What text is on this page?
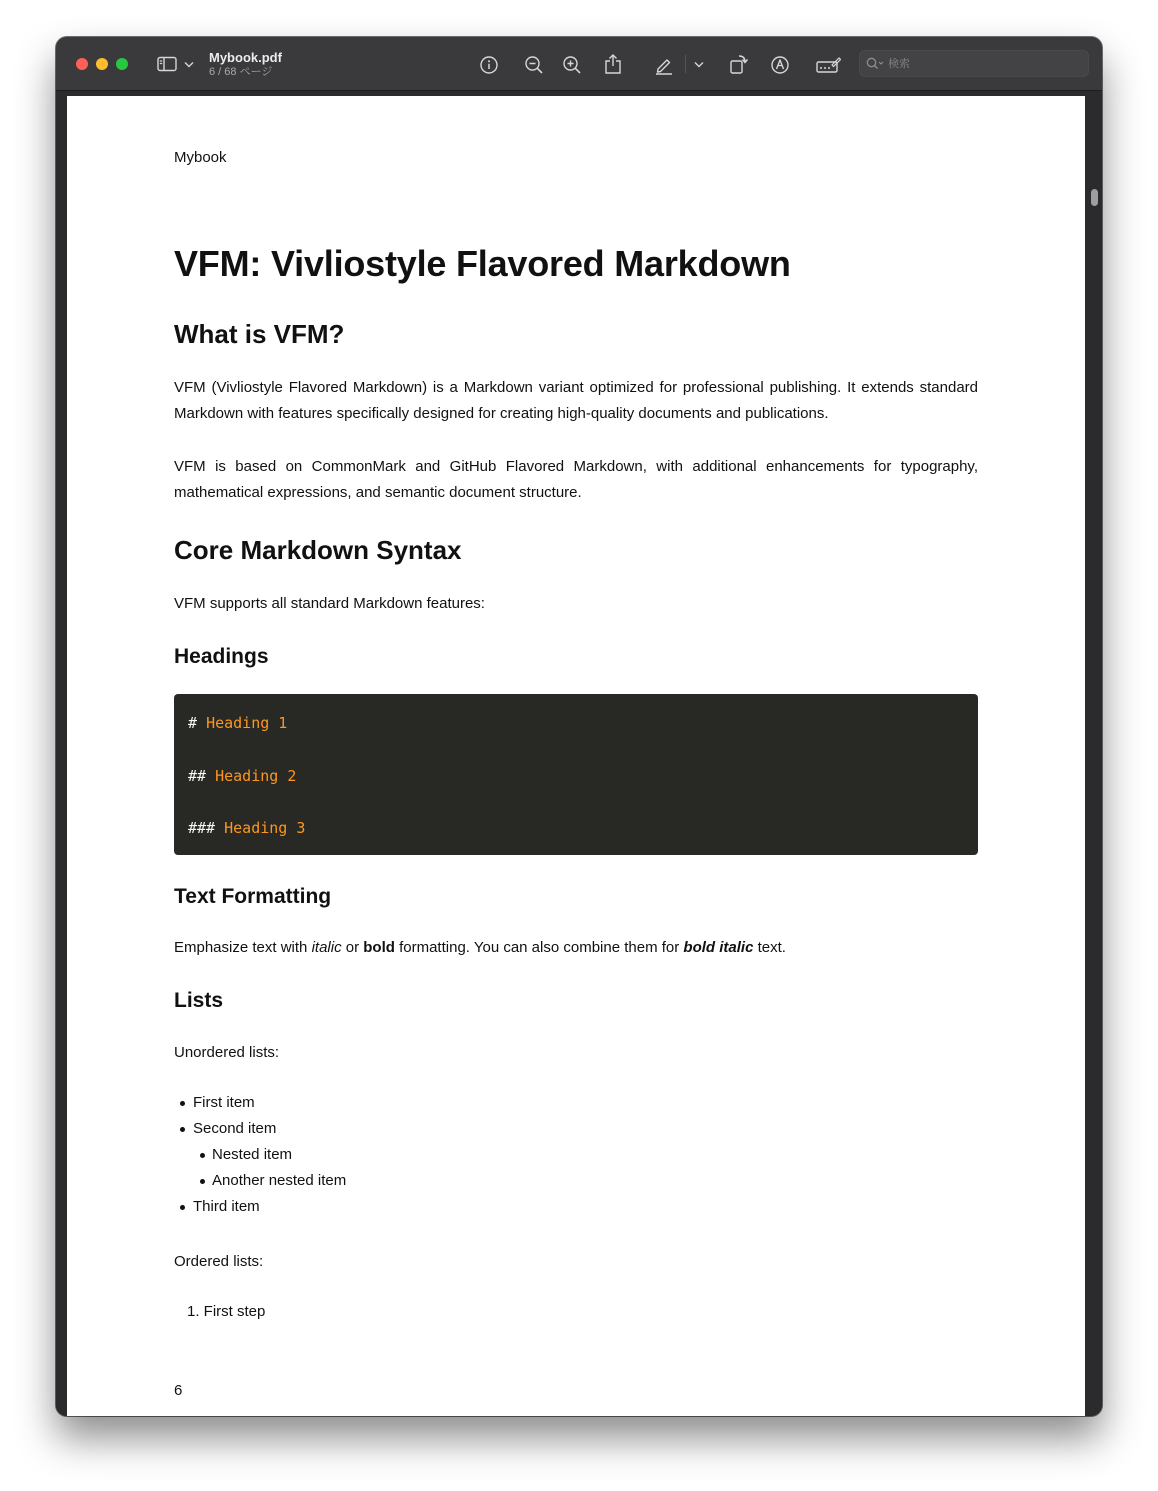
Mybook.pdf
6 / 68 ページ
検索
Mybook
VFM: Vivliostyle Flavored Markdown
What is VFM?
VFM (Vivliostyle Flavored Markdown) is a Markdown variant optimized for professional publishing. It extends standard Markdown with features specifically designed for creating high-quality documents and publications.
VFM is based on CommonMark and GitHub Flavored Markdown, with additional enhancements for typography, mathematical expressions, and semantic document structure.
Core Markdown Syntax
VFM supports all standard Markdown features:
Headings
# Heading 1
## Heading 2
### Heading 3
Text Formatting
Emphasize text with italic or bold formatting. You can also combine them for bold italic text.
Lists
Unordered lists:
First item
Second item
Nested item
Another nested item
Third item
Ordered lists:
1. First step
6
